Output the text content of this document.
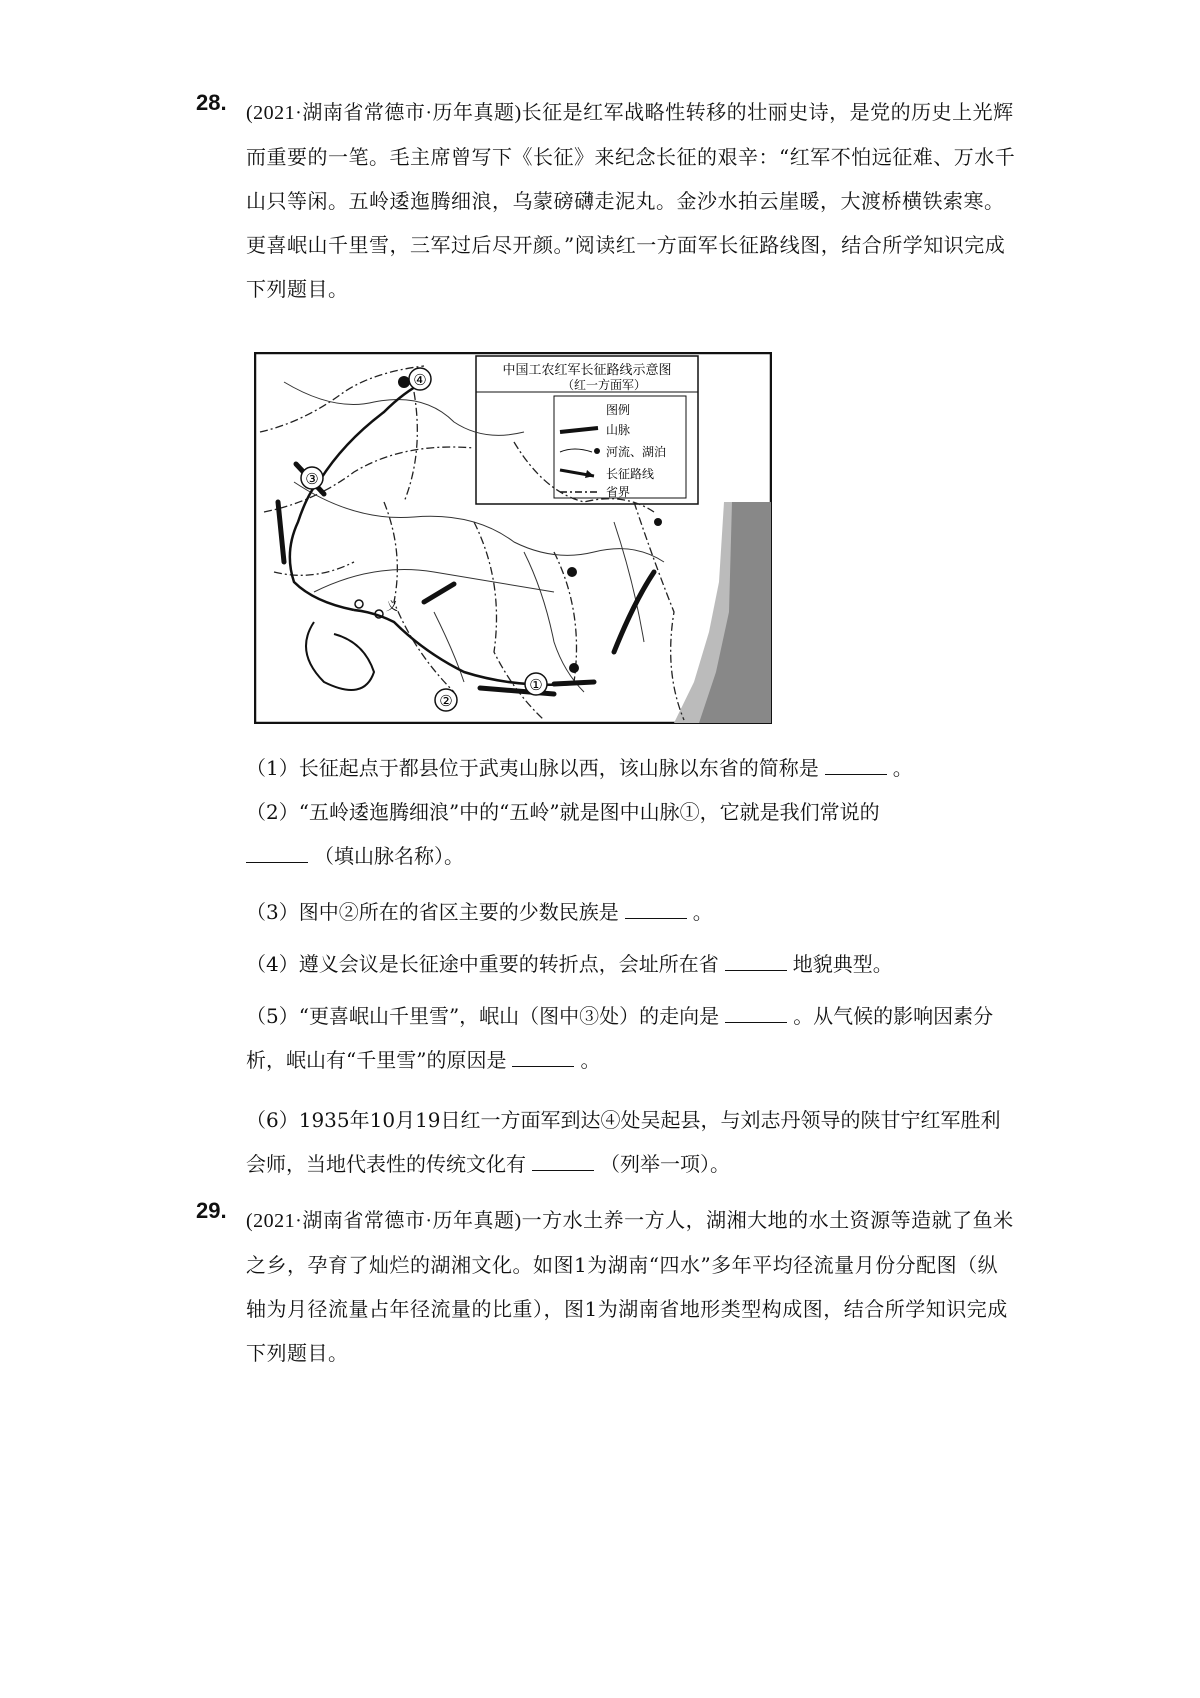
28. (2021·湖南省常德市·历年真题)长征是红军战略性转移的壮丽史诗，是党的历史上光辉而重要的一笔。毛主席曾写下《长征》来纪念长征的艰辛：“红军不怕远征难、万水千山只等闲。五岭逶迤腾细浪，乌蒙磅礴走泥丸。金沙水拍云崖暖，大渡桥横铁索寒。更喜岷山千里雪，三军过后尽开颜。”阅读红一方面军长征路线图，结合所学知识完成下列题目。
中国工农红军长征路线示意图
（红一方面军）
图例
山脉
河流、湖泊
长征路线
省界
义
④
③
①
②
（1）长征起点于都县位于武夷山脉以西，该山脉以东省的简称是	。
（2）“五岭逶迤腾细浪”中的“五岭”就是图中山脉①，它就是我们常说的
（填山脉名称）。
（3）图中②所在的省区主要的少数民族是	。
（4）遵义会议是长征途中重要的转折点，会址所在省	地貌典型。
（5）“更喜岷山千里雪”，岷山（图中③处）的走向是	。从气候的影响因素分析，岷山有“千里雪”的原因是	。
（6）1935年10月19日红一方面军到达④处吴起县，与刘志丹领导的陕甘宁红军胜利会师，当地代表性的传统文化有	（列举一项）。
29. (2021·湖南省常德市·历年真题)一方水土养一方人，湖湘大地的水土资源等造就了鱼米之乡，孕育了灿烂的湖湘文化。如图1为湖南“四水”多年平均径流量月份分配图（纵轴为月径流量占年径流量的比重），图1为湖南省地形类型构成图，结合所学知识完成下列题目。
